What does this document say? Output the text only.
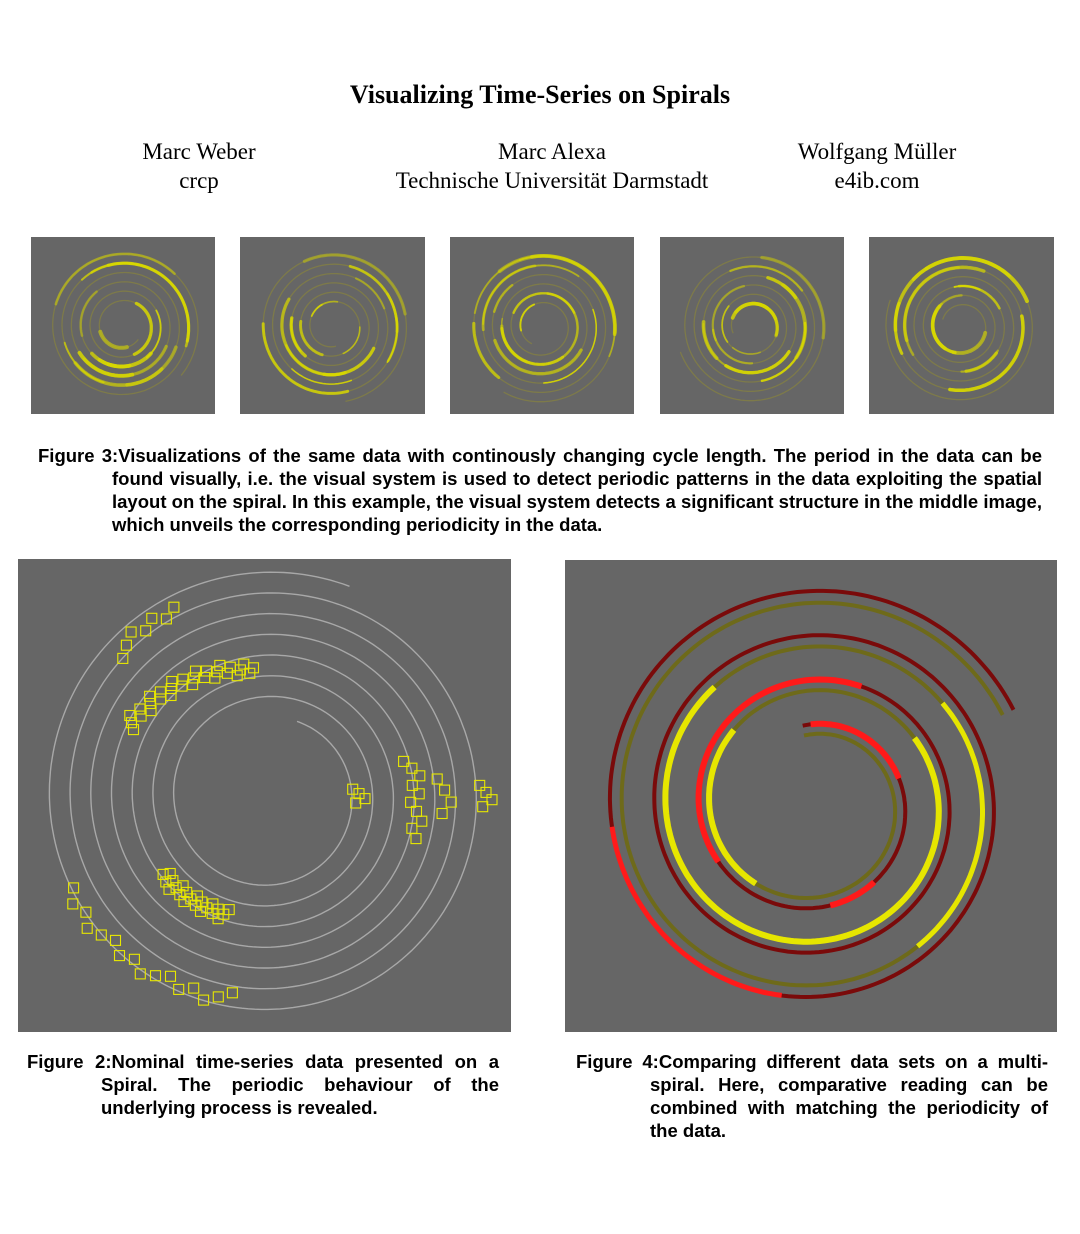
Visualizing Time-Series on Spirals
Marc Weber
crcp
Marc Alexa
Technische Universität Darmstadt
Wolfgang Müller
e4ib.com
Figure 3:Visualizations of the same data with continously changing cycle length. The period in the data can be found visually, i.e. the visual system is used to detect periodic patterns in the data exploiting the spatial layout on the spiral. In this example, the visual system detects a significant structure in the middle image, which unveils the corresponding periodicity in the data.
Figure 2:Nominal time-series data presented on a Spiral. The periodic behaviour of the underlying process is revealed.
Figure 4:Comparing different data sets on a multi-spiral. Here, comparative reading can be combined with matching the periodicity of the data.
